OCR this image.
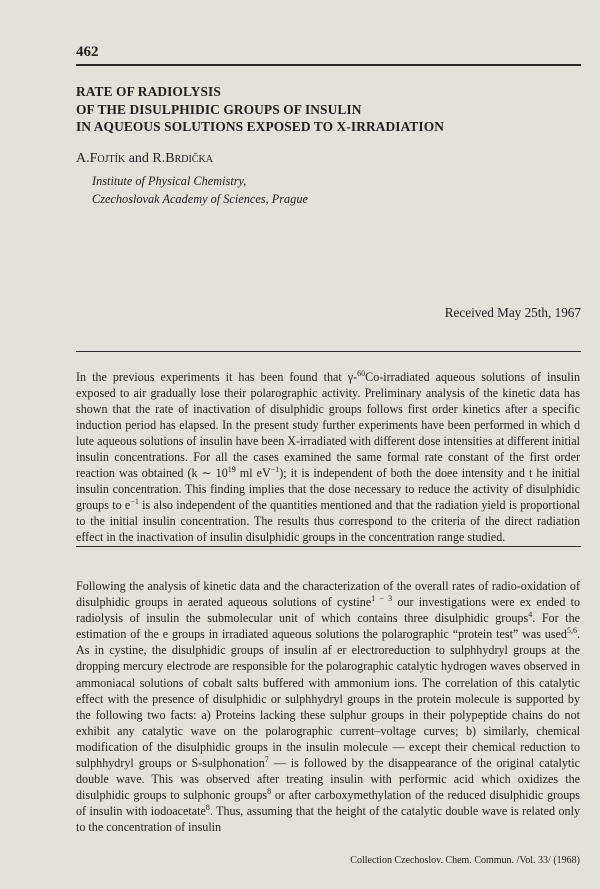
462
RATE OF RADIOLYSIS
OF THE DISULPHIDIC GROUPS OF INSULIN
IN AQUEOUS SOLUTIONS EXPOSED TO X-IRRADIATION
A.Fojtík and R.Brdička
Institute of Physical Chemistry,
Czechoslovak Academy of Sciences, Prague
Received May 25th, 1967
In the previous experiments it has been found that γ-$^{60}$Co-irradiated aqueous solutions of insulin exposed to air gradually lose their polarographic activity. Preliminary analysis of the kinetic data has shown that the rate of inactivation of disulphidic groups follows first order kinetics after a specific induction period has elapsed. In the present study further experiments have been performed in which d lute aqueous solutions of insulin have been X-irradiated with different dose intensities at different initial insulin concentrations. For all the cases examined the same formal rate constant of the first order reaction was obtained (k ∼ $10^{19}$ ml $eV^{-1}$); it is independent of both the doee intensity and t he initial insulin concentration. This finding implies that the dose necessary to reduce the activity of disulphidic groups to $e^{-1}$ is also independent of the quantities mentioned and that the radiation yield is proportional to the initial insulin concentration. The results thus correspond to the criteria of the direct radiation effect in the inactivation of insulin disulphidic groups in the concentration range studied.
Following the analysis of kinetic data and the characterization of the overall rates of radio-oxidation of disulphidic groups in aerated aqueous solutions of cystine$^{1 - 3}$ our investigations were ex ended to radiolysis of insulin the submolecular unit of which contains three disulphidic groups$^4$. For the estimation of the e groups in irradiated aqueous solutions the polarographic “protein test” was used$^{5,6}$. As in cystine, the disulphidic groups of insulin af er electroreduction to sulphhydryl groups at the dropping mercury electrode are responsible for the polarographic catalytic hydrogen waves observed in ammoniacal solutions of cobalt salts buffered with ammonium ions. The correlation of this catalytic effect with the presence of disulphidic or sulphhydryl groups in the protein molecule is supported by the following two facts: a) Proteins lacking these sulphur groups in their polypeptide chains do not exhibit any catalytic wave on the polarographic current–voltage curves; b) similarly, chemical modification of the disulphidic groups in the insulin molecule — except their chemical reduction to sulphhydryl groups or S-sulphonation$^7$ — is followed by the disappearance of the original catalytic double wave. This was observed after treating insulin with performic acid which oxidizes the disulphidic groups to sulphonic groups$^8$ or after carboxymethylation of the reduced disulphidic groups of insulin with iodoacetate$^8$. Thus, assuming that the height of the catalytic double wave is related only to the concentration of insulin
Collection Czechoslov. Chem. Commun. /Vol. 33/ (1968)
